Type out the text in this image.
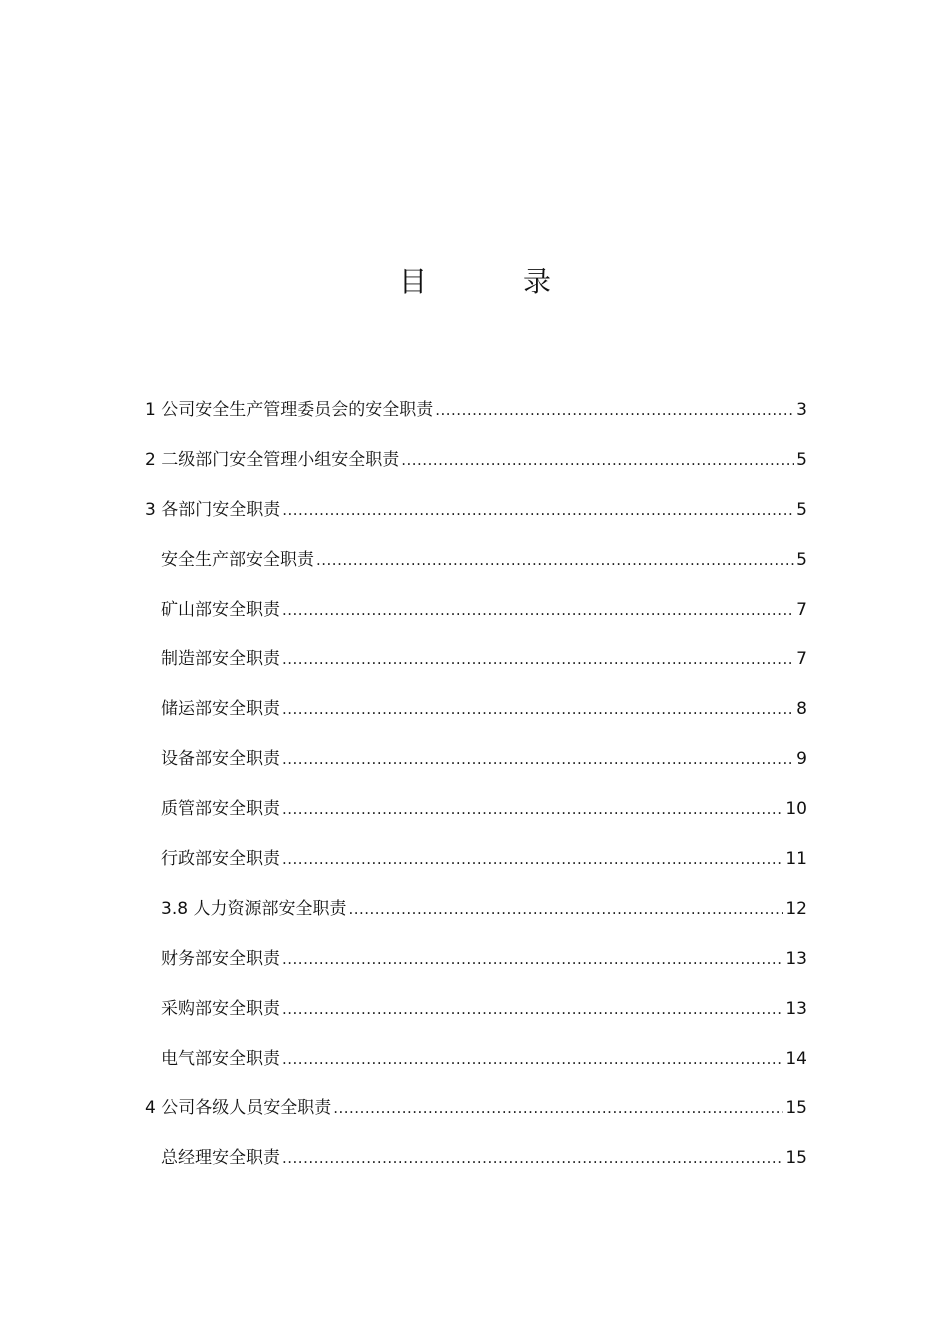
目　录
1 公司安全生产管理委员会的安全职责 .....	3
2 二级部门安全管理小组安全职责 .....	5
3 各部门安全职责 .....	5
安全生产部安全职责 .....	5
矿山部安全职责 .....	7
制造部安全职责 .....	7
储运部安全职责 .....	8
设备部安全职责 .....	9
质管部安全职责 .....	10
行政部安全职责 .....	11
3.8 人力资源部安全职责 .....	12
财务部安全职责 .....	13
采购部安全职责 .....	13
电气部安全职责 .....	14
4 公司各级人员安全职责 .....	15
总经理安全职责 .....	15
